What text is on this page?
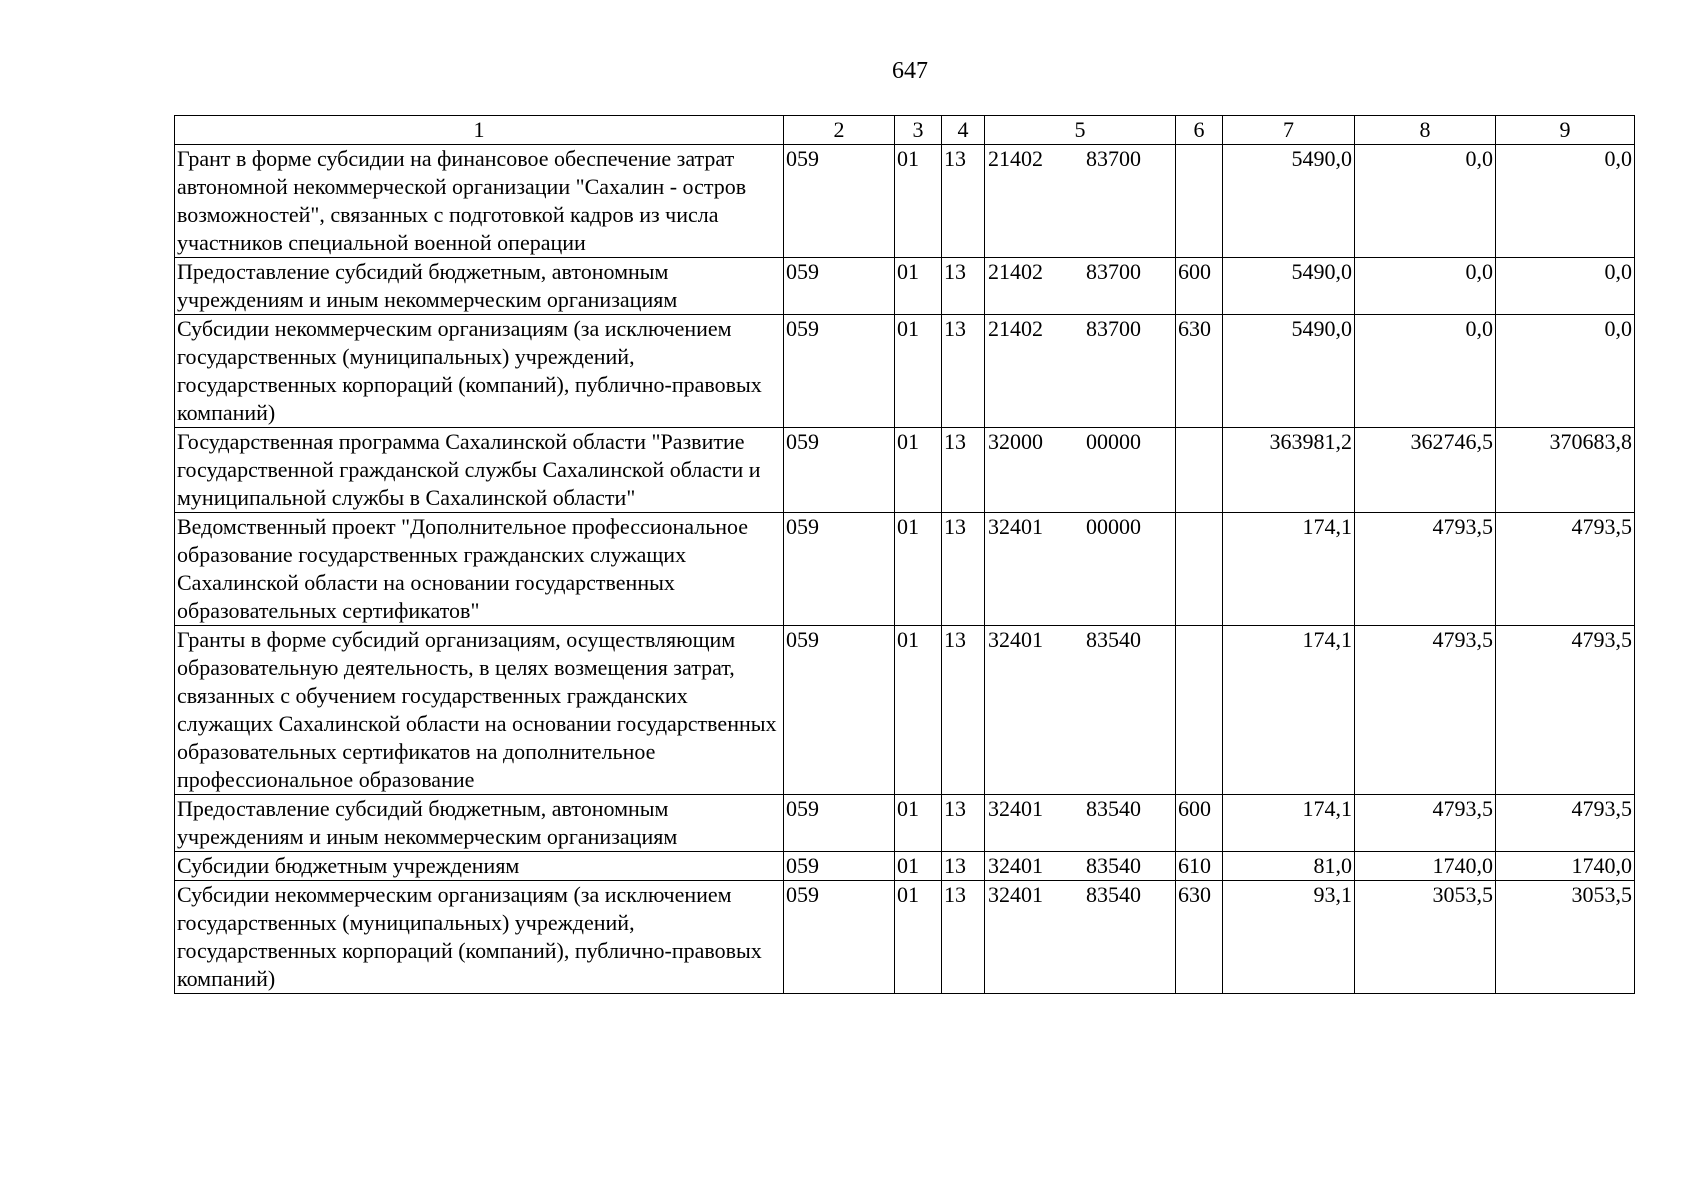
647
1	2	3	4	5	6	7	8	9
Грант в форме субсидии на финансовое обеспечение затрат автономной некоммерческой организации "Сахалин - остров возможностей", связанных с подготовкой кадров из числа участников специальной военной операции	059	01	13	21402 83700		5490,0	0,0	0,0
Предоставление субсидий бюджетным, автономным учреждениям и иным некоммерческим организациям	059	01	13	21402 83700	600	5490,0	0,0	0,0
Субсидии некоммерческим организациям (за исключением государственных (муниципальных) учреждений, государственных корпораций (компаний), публично-правовых компаний)	059	01	13	21402 83700	630	5490,0	0,0	0,0
Государственная программа Сахалинской области "Развитие государственной гражданской службы Сахалинской области и муниципальной службы в Сахалинской области"	059	01	13	32000 00000		363981,2	362746,5	370683,8
Ведомственный проект "Дополнительное профессиональное образование государственных гражданских служащих Сахалинской области на основании государственных образовательных сертификатов"	059	01	13	32401 00000		174,1	4793,5	4793,5
Гранты в форме субсидий организациям, осуществляющим образовательную деятельность, в целях возмещения затрат, связанных с обучением государственных гражданских служащих Сахалинской области на основании государственных образовательных сертификатов на дополнительное профессиональное образование	059	01	13	32401 83540		174,1	4793,5	4793,5
Предоставление субсидий бюджетным, автономным учреждениям и иным некоммерческим организациям	059	01	13	32401 83540	600	174,1	4793,5	4793,5
Субсидии бюджетным учреждениям	059	01	13	32401 83540	610	81,0	1740,0	1740,0
Субсидии некоммерческим организациям (за исключением государственных (муниципальных) учреждений, государственных корпораций (компаний), публично-правовых компаний)	059	01	13	32401 83540	630	93,1	3053,5	3053,5
